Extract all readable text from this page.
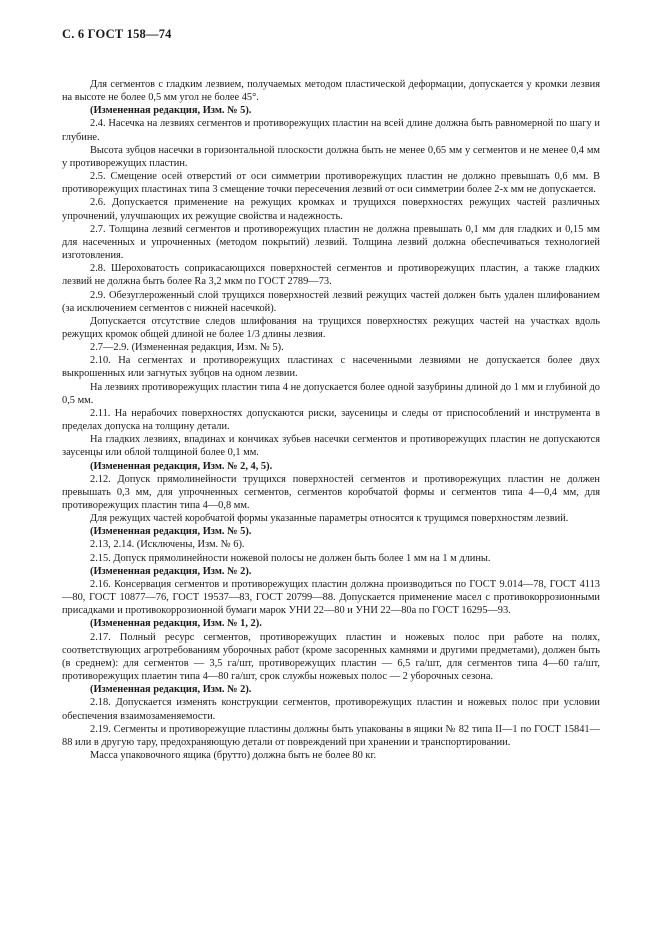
С. 6 ГОСТ 158—74

Для сегментов с гладким лезвием, получаемых методом пластической деформации, допускается у кромки лезвия на высоте не более 0,5 мм угол не более 45°.

(Измененная редакция, Изм. № 5).

2.4. Насечка на лезвиях сегментов и противорежущих пластин на всей длине должна быть равномерной по шагу и глубине.

Высота зубцов насечки в горизонтальной плоскости должна быть не менее 0,65 мм у сегментов и не менее 0,4 мм у противорежущих пластин.

2.5. Смещение осей отверстий от оси симметрии противорежущих пластин не должно превышать 0,6 мм. В противорежущих пластинах типа 3 смещение точки пересечения лезвий от оси симметрии более 2-х мм не допускается.

2.6. Допускается применение на режущих кромках и трущихся поверхностях режущих частей различных упрочнений, улучшающих их режущие свойства и надежность.

2.7. Толщина лезвий сегментов и противорежущих пластин не должна превышать 0,1 мм для гладких и 0,15 мм для насеченных и упрочненных (методом покрытий) лезвий. Толщина лезвий должна обеспечиваться технологией изготовления.

2.8. Шероховатость соприкасающихся поверхностей сегментов и противорежущих пластин, а также гладких лезвий не должна быть более Ra 3,2 мкм по ГОСТ 2789—73.

2.9. Обезуглероженный слой трущихся поверхностей лезвий режущих частей должен быть удален шлифованием (за исключением сегментов с нижней насечкой).

Допускается отсутствие следов шлифования на трущихся поверхностях режущих частей на участках вдоль режущих кромок общей длиной не более 1/3 длины лезвия.

2.7—2.9. (Измененная редакция, Изм. № 5).

2.10. На сегментах и противорежущих пластинах с насеченными лезвиями не допускается более двух выкрошенных или загнутых зубцов на одном лезвии.

На лезвиях противорежущих пластин типа 4 не допускается более одной зазубрины длиной до 1 мм и глубиной до 0,5 мм.

2.11. На нерабочих поверхностях допускаются риски, заусеницы и следы от приспособлений и инструмента в пределах допуска на толщину детали.

На гладких лезвиях, впадинах и кончиках зубьев насечки сегментов и противорежущих пластин не допускаются заусенцы или облой толщиной более 0,1 мм.

(Измененная редакция, Изм. № 2, 4, 5).

2.12. Допуск прямолинейности трущихся поверхностей сегментов и противорежущих пластин не должен превышать 0,3 мм, для упрочненных сегментов, сегментов коробчатой формы и сегментов типа 4—0,4 мм, для противорежущих пластин типа 4—0,8 мм.

Для режущих частей коробчатой формы указанные параметры относятся к трущимся поверхностям лезвий.

(Измененная редакция, Изм. № 5).

2.13, 2.14. (Исключены, Изм. № 6).

2.15. Допуск прямолинейности ножевой полосы не должен быть более 1 мм на 1 м длины.

(Измененная редакция, Изм. № 2).

2.16. Консервация сегментов и противорежущих пластин должна производиться по ГОСТ 9.014—78, ГОСТ 4113—80, ГОСТ 10877—76, ГОСТ 19537—83, ГОСТ 20799—88. Допускается применение масел с противокоррозионными присадками и противокоррозионной бумаги марок УНИ 22—80 и УНИ 22—80а по ГОСТ 16295—93.

(Измененная редакция, Изм. № 1, 2).

2.17. Полный ресурс сегментов, противорежущих пластин и ножевых полос при работе на полях, соответствующих агротребованиям уборочных работ (кроме засоренных камнями и другими предметами), должен быть (в среднем): для сегментов — 3,5 га/шт, противорежущих пластин — 6,5 га/шт, для сегментов типа 4—60 га/шт, противорежущих плаетин типа 4—80 га/шт, срок службы ножевых полос — 2 уборочных сезона.

(Измененная редакция, Изм. № 2).

2.18. Допускается изменять конструкции сегментов, противорежущих пластин и ножевых полос при условии обеспечения взаимозаменяемости.

2.19. Сегменты и противорежущие пластины должны быть упакованы в ящики № 82 типа II—1 по ГОСТ 15841—88 или в другую тару, предохраняющую детали от повреждений при хранении и транспортировании.

Масса упаковочного ящика (брутто) должна быть не более 80 кг.
